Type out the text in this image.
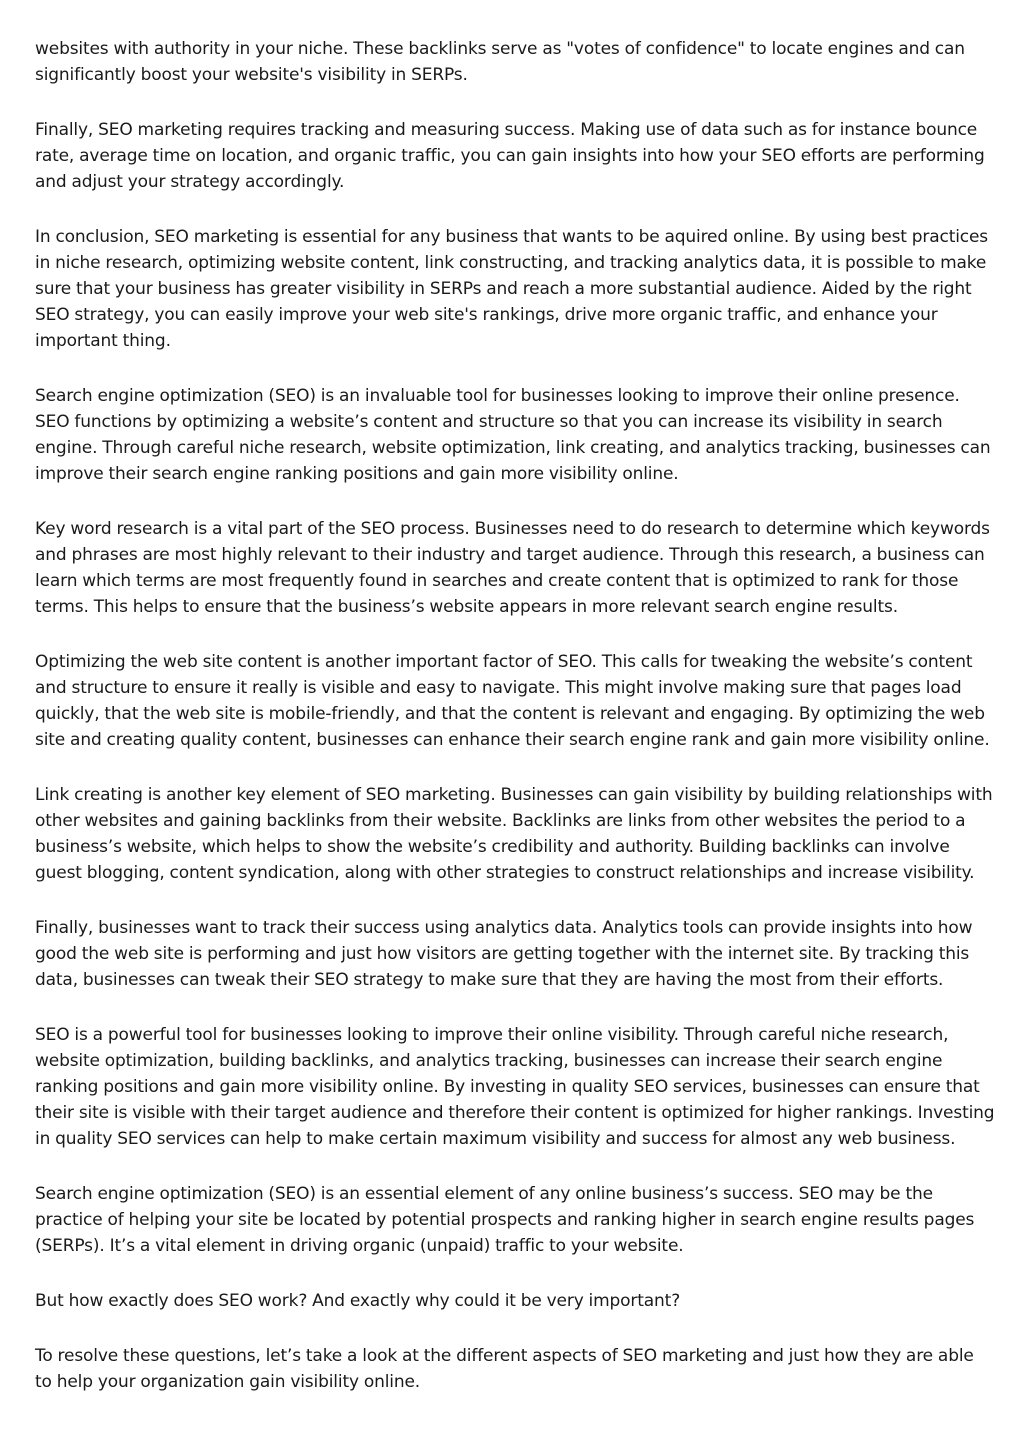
websites with authority in your niche. These backlinks serve as "votes of confidence" to locate engines and can significantly boost your website's visibility in SERPs.

Finally, SEO marketing requires tracking and measuring success. Making use of data such as for instance bounce rate, average time on location, and organic traffic, you can gain insights into how your SEO efforts are performing and adjust your strategy accordingly.

In conclusion, SEO marketing is essential for any business that wants to be aquired online. By using best practices in niche research, optimizing website content, link constructing, and tracking analytics data, it is possible to make sure that your business has greater visibility in SERPs and reach a more substantial audience. Aided by the right SEO strategy, you can easily improve your web site's rankings, drive more organic traffic, and enhance your important thing.

Search engine optimization (SEO) is an invaluable tool for businesses looking to improve their online presence. SEO functions by optimizing a website’s content and structure so that you can increase its visibility in search engine. Through careful niche research, website optimization, link creating, and analytics tracking, businesses can improve their search engine ranking positions and gain more visibility online.

Key word research is a vital part of the SEO process. Businesses need to do research to determine which keywords and phrases are most highly relevant to their industry and target audience. Through this research, a business can learn which terms are most frequently found in searches and create content that is optimized to rank for those terms. This helps to ensure that the business’s website appears in more relevant search engine results.

Optimizing the web site content is another important factor of SEO. This calls for tweaking the website’s content and structure to ensure it really is visible and easy to navigate. This might involve making sure that pages load quickly, that the web site is mobile-friendly, and that the content is relevant and engaging. By optimizing the web site and creating quality content, businesses can enhance their search engine rank and gain more visibility online.

Link creating is another key element of SEO marketing. Businesses can gain visibility by building relationships with other websites and gaining backlinks from their website. Backlinks are links from other websites the period to a business’s website, which helps to show the website’s credibility and authority. Building backlinks can involve guest blogging, content syndication, along with other strategies to construct relationships and increase visibility.

Finally, businesses want to track their success using analytics data. Analytics tools can provide insights into how good the web site is performing and just how visitors are getting together with the internet site. By tracking this data, businesses can tweak their SEO strategy to make sure that they are having the most from their efforts.

SEO is a powerful tool for businesses looking to improve their online visibility. Through careful niche research, website optimization, building backlinks, and analytics tracking, businesses can increase their search engine ranking positions and gain more visibility online. By investing in quality SEO services, businesses can ensure that their site is visible with their target audience and therefore their content is optimized for higher rankings. Investing in quality SEO services can help to make certain maximum visibility and success for almost any web business.

Search engine optimization (SEO) is an essential element of any online business’s success. SEO may be the practice of helping your site be located by potential prospects and ranking higher in search engine results pages (SERPs). It’s a vital element in driving organic (unpaid) traffic to your website.

But how exactly does SEO work? And exactly why could it be very important?

To resolve these questions, let’s take a look at the different aspects of SEO marketing and just how they are able to help your organization gain visibility online.
